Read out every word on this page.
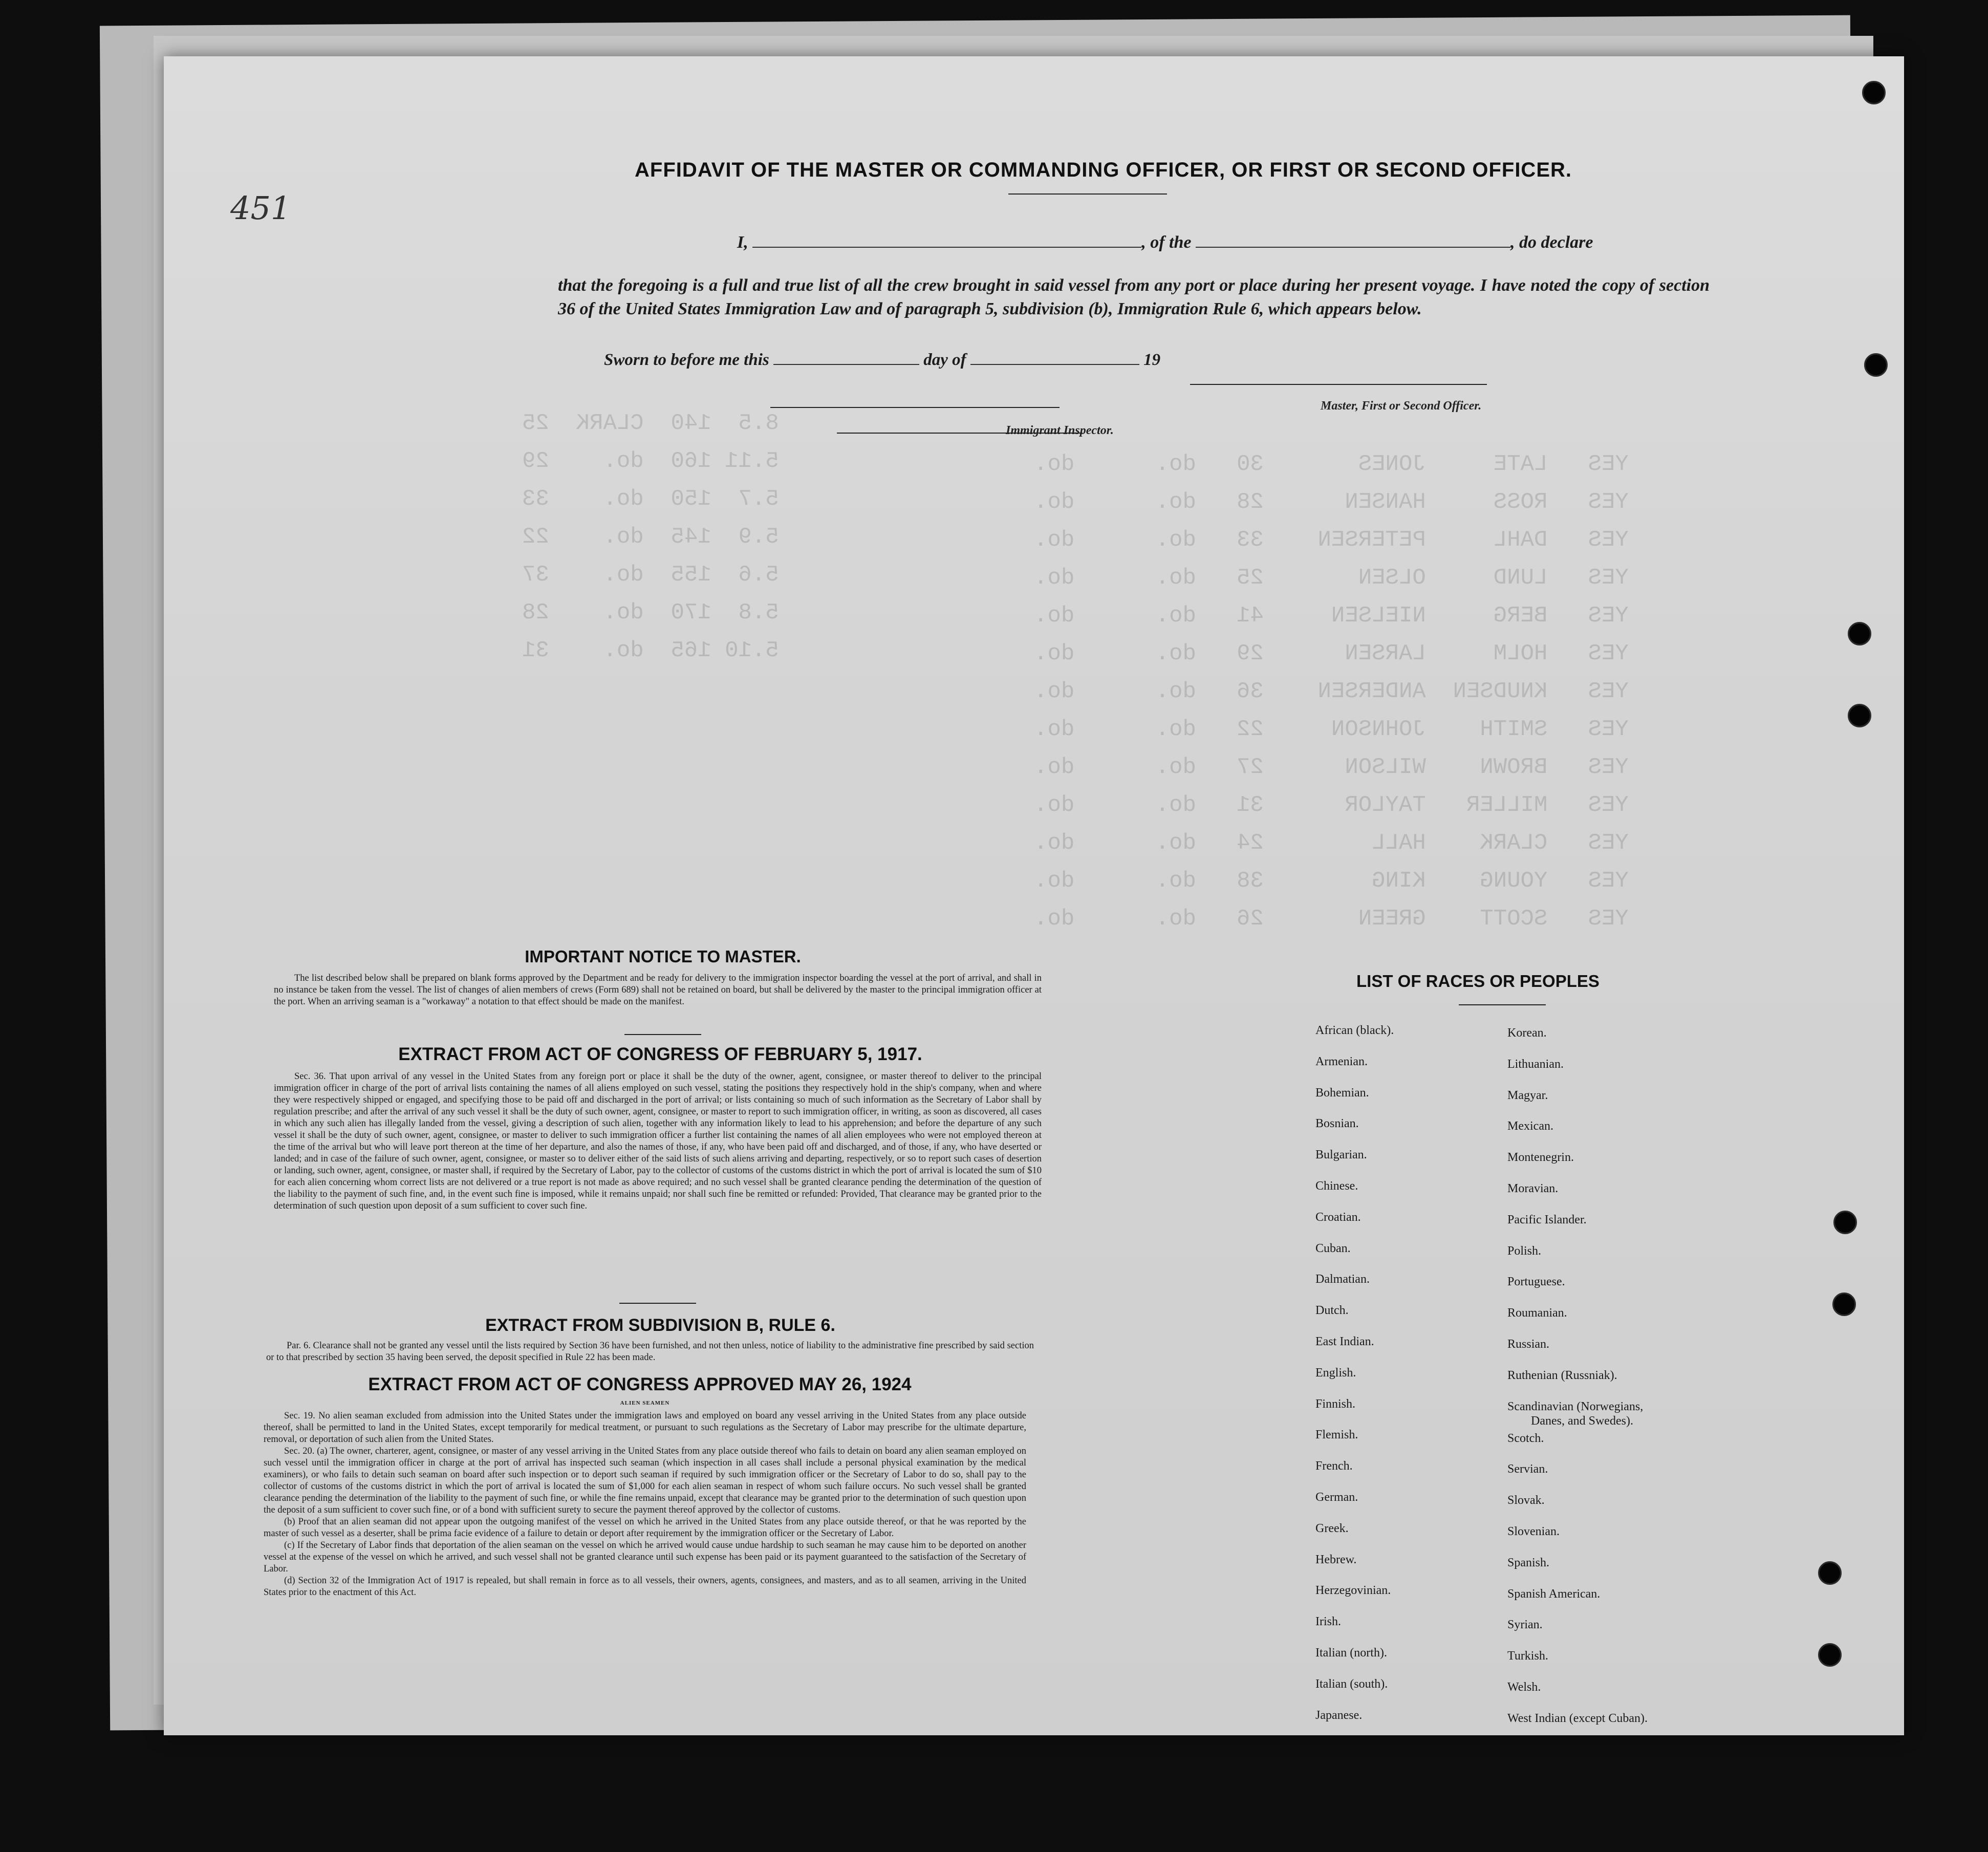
YES   LATE     JONES       30   do.      do.
YES   ROSS     HANSEN      28   do.      do.
YES   DAHL     PETERSEN    33   do.      do.
YES   LUND     OLSEN       25   do.      do.
YES   BERG     NIELSEN     41   do.      do.
YES   HOLM     LARSEN      29   do.      do.
YES   KNUDSEN  ANDERSEN    36   do.      do.
YES   SMITH    JOHNSON     22   do.      do.
YES   BROWN    WILSON      27   do.      do.
YES   MILLER   TAYLOR      31   do.      do.
YES   CLARK    HALL        24   do.      do.
YES   YOUNG    KING        38   do.      do.
YES   SCOTT    GREEN       26   do.      do.
8.5  140  CLARK  25
5.11 160  do.    29
5.7  150  do.    33
5.9  145  do.    22
5.6  155  do.    37
5.8  170  do.    28
5.10 165  do.    31
451
AFFIDAVIT OF THE MASTER OR COMMANDING OFFICER, OR FIRST OR SECOND OFFICER.
I,	, of the	, do declare
that the foregoing is a full and true list of all the crew brought in said vessel from any port or place during her present voyage. I have noted the copy of section 36 of the United States Immigration Law and of paragraph 5, subdivision (b), Immigration Rule 6, which appears below.
Master, First or Second Officer.
Sworn to before me this	day of	19
Immigrant Inspector.
IMPORTANT NOTICE TO MASTER.

The list described below shall be prepared on blank forms approved by the Department and be ready for delivery to the immigration inspector boarding the vessel at the port of arrival, and shall in no instance be taken from the vessel. The list of changes of alien members of crews (Form 689) shall not be retained on board, but shall be delivered by the master to the principal immigration officer at the port. When an arriving seaman is a "workaway" a notation to that effect should be made on the manifest.

EXTRACT FROM ACT OF CONGRESS OF FEBRUARY 5, 1917.

Sec. 36. That upon arrival of any vessel in the United States from any foreign port or place it shall be the duty of the owner, agent, consignee, or master thereof to deliver to the principal immigration officer in charge of the port of arrival lists containing the names of all aliens employed on such vessel, stating the positions they respectively hold in the ship's company, when and where they were respectively shipped or engaged, and specifying those to be paid off and discharged in the port of arrival; or lists containing so much of such information as the Secretary of Labor shall by regulation prescribe; and after the arrival of any such vessel it shall be the duty of such owner, agent, consignee, or master to report to such immigration officer, in writing, as soon as discovered, all cases in which any such alien has illegally landed from the vessel, giving a description of such alien, together with any information likely to lead to his apprehension; and before the departure of any such vessel it shall be the duty of such owner, agent, consignee, or master to deliver to such immigration officer a further list containing the names of all alien employees who were not employed thereon at the time of the arrival but who will leave port thereon at the time of her departure, and also the names of those, if any, who have been paid off and discharged, and of those, if any, who have deserted or landed; and in case of the failure of such owner, agent, consignee, or master so to deliver either of the said lists of such aliens arriving and departing, respectively, or so to report such cases of desertion or landing, such owner, agent, consignee, or master shall, if required by the Secretary of Labor, pay to the collector of customs of the customs district in which the port of arrival is located the sum of $10 for each alien concerning whom correct lists are not delivered or a true report is not made as above required; and no such vessel shall be granted clearance pending the determination of the question of the liability to the payment of such fine, and, in the event such fine is imposed, while it remains unpaid; nor shall such fine be remitted or refunded: Provided, That clearance may be granted prior to the determination of such question upon deposit of a sum sufficient to cover such fine.

EXTRACT FROM SUBDIVISION B, RULE 6.

Par. 6. Clearance shall not be granted any vessel until the lists required by Section 36 have been furnished, and not then unless, notice of liability to the administrative fine prescribed by said section or to that prescribed by section 35 having been served, the deposit specified in Rule 22 has been made.

EXTRACT FROM ACT OF CONGRESS APPROVED MAY 26, 1924

ALIEN SEAMEN

Sec. 19. No alien seaman excluded from admission into the United States under the immigration laws and employed on board any vessel arriving in the United States from any place outside thereof, shall be permitted to land in the United States, except temporarily for medical treatment, or pursuant to such regulations as the Secretary of Labor may prescribe for the ultimate departure, removal, or deportation of such alien from the United States.

Sec. 20. (a) The owner, charterer, agent, consignee, or master of any vessel arriving in the United States from any place outside thereof who fails to detain on board any alien seaman employed on such vessel until the immigration officer in charge at the port of arrival has inspected such seaman (which inspection in all cases shall include a personal physical examination by the medical examiners), or who fails to detain such seaman on board after such inspection or to deport such seaman if required by such immigration officer or the Secretary of Labor to do so, shall pay to the collector of customs of the customs district in which the port of arrival is located the sum of $1,000 for each alien seaman in respect of whom such failure occurs. No such vessel shall be granted clearance pending the determination of the liability to the payment of such fine, or while the fine remains unpaid, except that clearance may be granted prior to the determination of such question upon the deposit of a sum sufficient to cover such fine, or of a bond with sufficient surety to secure the payment thereof approved by the collector of customs.

(b) Proof that an alien seaman did not appear upon the outgoing manifest of the vessel on which he arrived in the United States from any place outside thereof, or that he was reported by the master of such vessel as a deserter, shall be prima facie evidence of a failure to detain or deport after requirement by the immigration officer or the Secretary of Labor.

(c) If the Secretary of Labor finds that deportation of the alien seaman on the vessel on which he arrived would cause undue hardship to such seaman he may cause him to be deported on another vessel at the expense of the vessel on which he arrived, and such vessel shall not be granted clearance until such expense has been paid or its payment guaranteed to the satisfaction of the Secretary of Labor.

(d) Section 32 of the Immigration Act of 1917 is repealed, but shall remain in force as to all vessels, their owners, agents, consignees, and masters, and as to all seamen, arriving in the United States prior to the enactment of this Act.

LIST OF RACES OR PEOPLES
African (black).
Armenian.
Bohemian.
Bosnian.
Bulgarian.
Chinese.
Croatian.
Cuban.
Dalmatian.
Dutch.
East Indian.
English.
Finnish.
Flemish.
French.
German.
Greek.
Hebrew.
Herzegovinian.
Irish.
Italian (north).
Italian (south).
Japanese.
Korean.
Lithuanian.
Magyar.
Mexican.
Montenegrin.
Moravian.
Pacific Islander.
Polish.
Portuguese.
Roumanian.
Russian.
Ruthenian (Russniak).
Scandinavian (Norwegians,
Danes, and Swedes).
Scotch.
Servian.
Slovak.
Slovenian.
Spanish.
Spanish American.
Syrian.
Turkish.
Welsh.
West Indian (except Cuban).
